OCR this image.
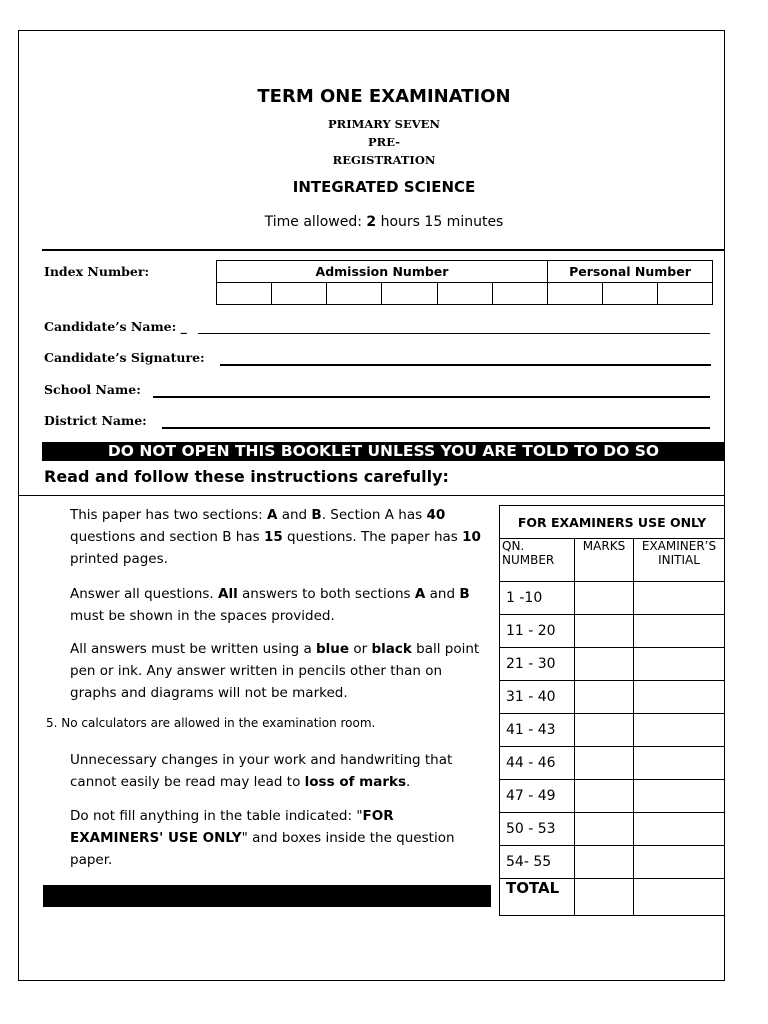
TERM ONE EXAMINATION
PRIMARY SEVEN
PRE-
REGISTRATION
INTEGRATED SCIENCE
Time allowed: 2 hours 15 minutes
Index Number:	Admission Number						Personal Number		

Candidate’s Name: _
Candidate’s Signature:
School Name:
District Name:
DO NOT OPEN THIS BOOKLET UNLESS YOU ARE TOLD TO DO SO
Read and follow these instructions carefully:
This paper has two sections: A and B. Section A has 40 questions and section B has 15 questions. The paper has 10 printed pages.
Answer all questions. All answers to both sections A and B must be shown in the spaces provided.
All answers must be written using a blue or black ball point pen or ink. Any answer written in pencils other than on graphs and diagrams will not be marked.
5. No calculators are allowed in the examination room.
Unnecessary changes in your work and handwriting that cannot easily be read may lead to loss of marks.
Do not fill anything in the table indicated: "FOR EXAMINERS' USE ONLY" and boxes inside the question paper.
FOR EXAMINERS USE ONLY		
QN. NUMBER	MARKS	EXAMINER’S INITIAL
1 -10		
11 - 20		
21 - 30		
31 - 40		
41 - 43		
44 - 46		
47 - 49		
50 - 53		
54- 55		
TOTAL		
